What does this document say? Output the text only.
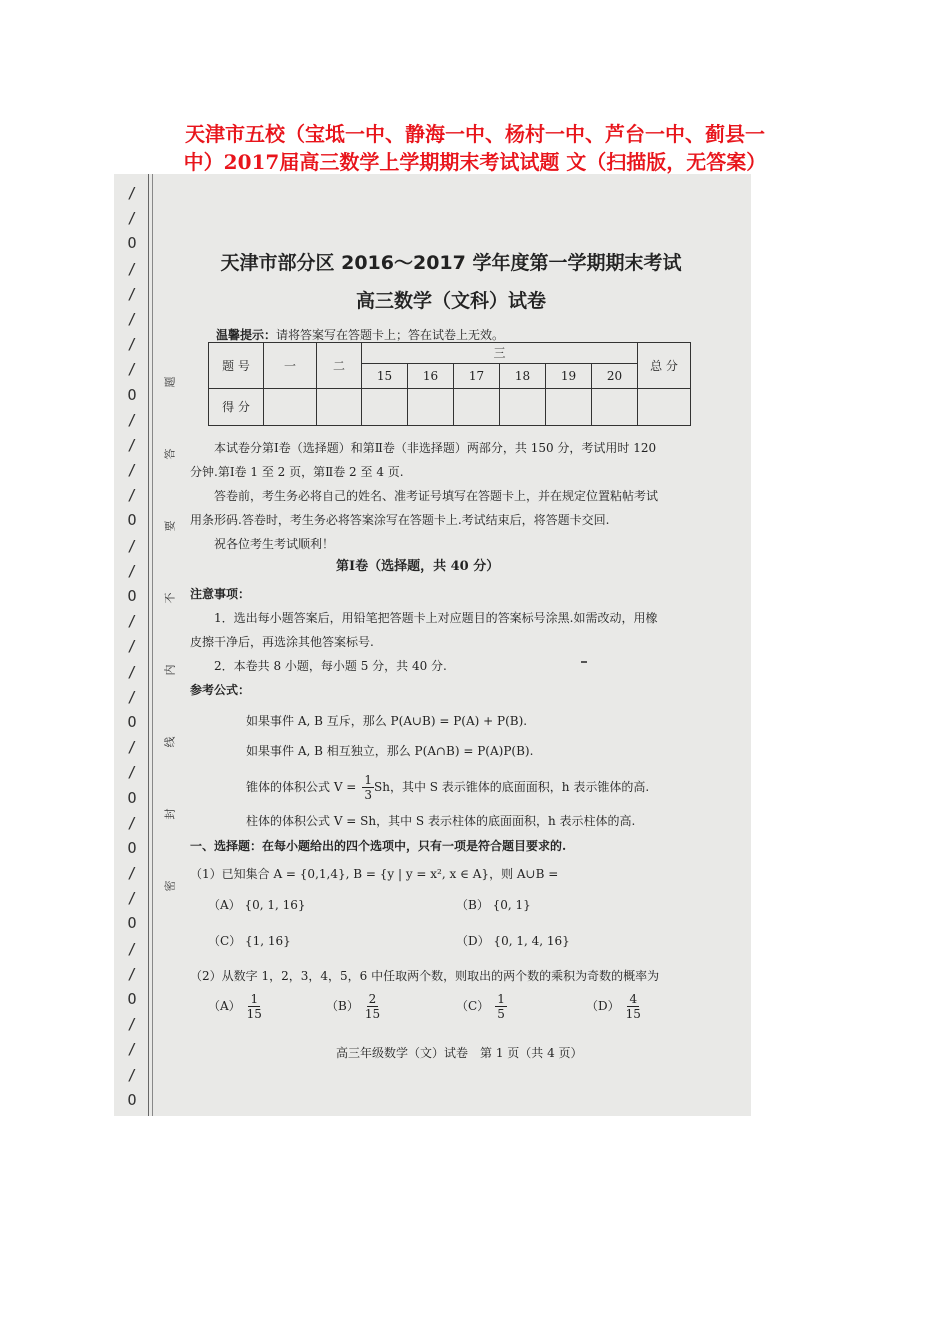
天津市五校（宝坻一中、静海一中、杨村一中、芦台一中、蓟县一
中）2017届高三数学上学期期末考试试题 文（扫描版，无答案）
/
/
O
/
/
/
/
/
O
/
/
/
/
O
/
/
O
/
/
/
/
O
/
/
O
/
O
/
/
O
/
/
O
/
/
/
O
题
答
要
不
内
线
封
密
天津市部分区 2016～2017 学年度第一学期期末考试
高三数学（文科）试卷
温馨提示：请将答案写在答题卡上；答在试卷上无效。
题 号	一	二	三						总 分
			15	16	17	18	19	20	
得 分									
本试卷分第Ⅰ卷（选择题）和第Ⅱ卷（非选择题）两部分，共 150 分，考试用时 120
分钟.第Ⅰ卷 1 至 2 页，第Ⅱ卷 2 至 4 页.
答卷前，考生务必将自己的姓名、准考证号填写在答题卡上，并在规定位置粘帖考试
用条形码.答卷时，考生务必将答案涂写在答题卡上.考试结束后，将答题卡交回.
祝各位考生考试顺利！
第Ⅰ卷（选择题，共 40 分）
注意事项：
1．选出每小题答案后，用铅笔把答题卡上对应题目的答案标号涂黑.如需改动，用橡
皮擦干净后，再选涂其他答案标号.
2．本卷共 8 小题，每小题 5 分，共 40 分.
参考公式：
如果事件 A, B 互斥，那么 P(A∪B) = P(A) + P(B).
如果事件 A, B 相互独立，那么 P(A∩B) = P(A)P(B).
锥体的体积公式 $V = \frac{1}{3}$ Sh，其中 S 表示锥体的底面面积，h 表示锥体的高.
柱体的体积公式 V = Sh，其中 S 表示柱体的底面面积，h 表示柱体的高.
一、选择题：在每小题给出的四个选项中，只有一项是符合题目要求的.
（1）已知集合 A = {0,1,4}, B = {y | y = x², x ∈ A}，则 A∪B =
（A） {0, 1, 16}	（B） {0, 1}
（C） {1, 16}	（D） {0, 1, 4, 16}
（2）从数字 1，2，3，4，5，6 中任取两个数，则取出的两个数的乘积为奇数的概率为
$(A) \frac{1}{15}$	$(B) \frac{2}{15}$	$(C) \frac{1}{5}$	$(D) \frac{4}{15}$
高三年级数学（文）试卷　第 1 页（共 4 页）
